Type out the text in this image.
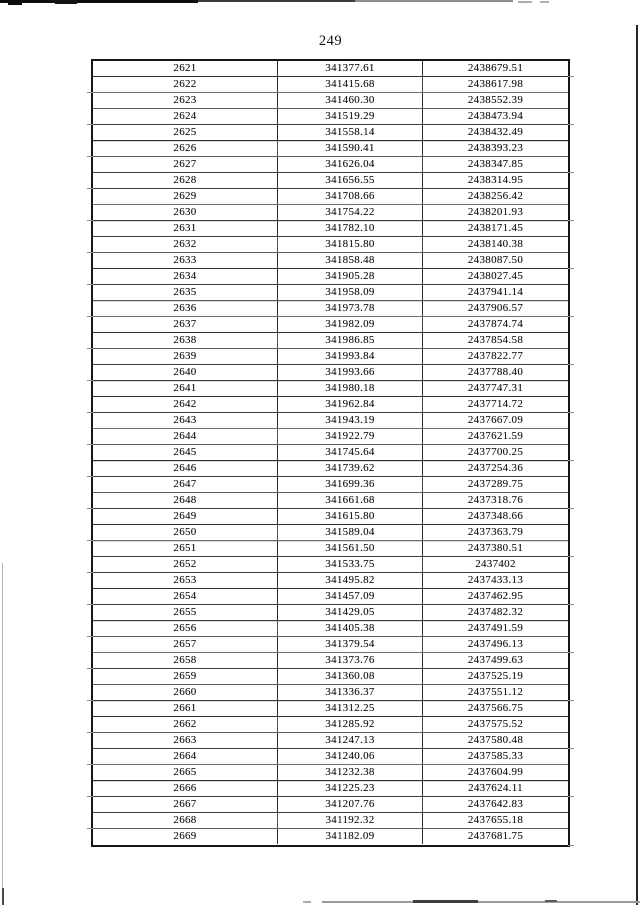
249
2621	341377.61	2438679.51
2622	341415.68	2438617.98
2623	341460.30	2438552.39
2624	341519.29	2438473.94
2625	341558.14	2438432.49
2626	341590.41	2438393.23
2627	341626.04	2438347.85
2628	341656.55	2438314.95
2629	341708.66	2438256.42
2630	341754.22	2438201.93
2631	341782.10	2438171.45
2632	341815.80	2438140.38
2633	341858.48	2438087.50
2634	341905.28	2438027.45
2635	341958.09	2437941.14
2636	341973.78	2437906.57
2637	341982.09	2437874.74
2638	341986.85	2437854.58
2639	341993.84	2437822.77
2640	341993.66	2437788.40
2641	341980.18	2437747.31
2642	341962.84	2437714.72
2643	341943.19	2437667.09
2644	341922.79	2437621.59
2645	341745.64	2437700.25
2646	341739.62	2437254.36
2647	341699.36	2437289.75
2648	341661.68	2437318.76
2649	341615.80	2437348.66
2650	341589.04	2437363.79
2651	341561.50	2437380.51
2652	341533.75	2437402
2653	341495.82	2437433.13
2654	341457.09	2437462.95
2655	341429.05	2437482.32
2656	341405.38	2437491.59
2657	341379.54	2437496.13
2658	341373.76	2437499.63
2659	341360.08	2437525.19
2660	341336.37	2437551.12
2661	341312.25	2437566.75
2662	341285.92	2437575.52
2663	341247.13	2437580.48
2664	341240.06	2437585.33
2665	341232.38	2437604.99
2666	341225.23	2437624.11
2667	341207.76	2437642.83
2668	341192.32	2437655.18
2669	341182.09	2437681.75
